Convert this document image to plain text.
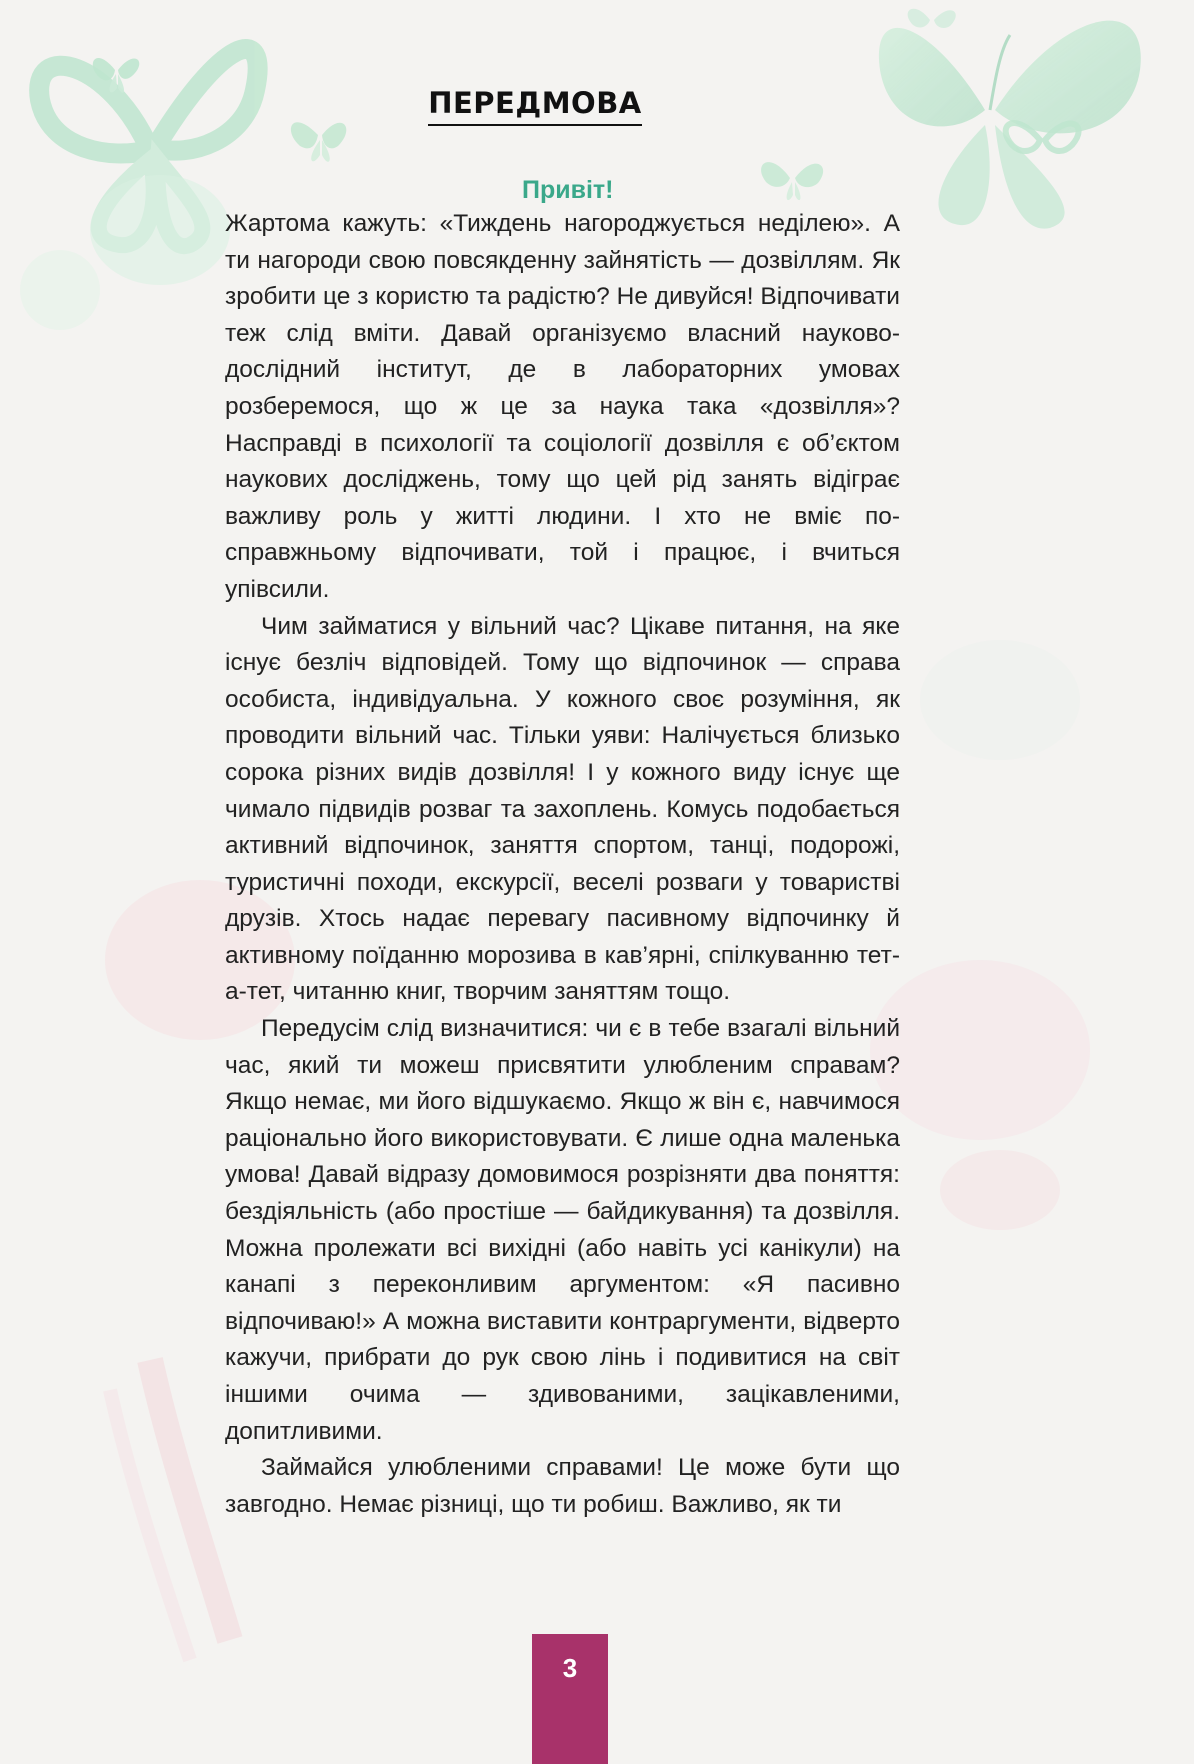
ПЕРЕДМОВА
Привіт!

Жартома кажуть: «Тиждень нагороджується неділею». А ти нагороди свою повсякденну зайнятість — дозвіллям. Як зробити це з користю та радістю? Не дивуйся! Відпочивати теж слід вміти. Давай організуємо власний науково-дослідний інститут, де в лабораторних умовах розберемося, що ж це за наука така «дозвілля»? Насправді в психології та соціології дозвілля є об’єктом наукових досліджень, тому що цей рід занять відіграє важливу роль у житті людини. І хто не вміє по-справжньому відпочивати, той і працює, і вчиться упівсили.

Чим займатися у вільний час? Цікаве питання, на яке існує безліч відповідей. Тому що відпочинок — справа особиста, індивідуальна. У кожного своє розуміння, як проводити вільний час. Тільки уяви: Налічується близько сорока різних видів дозвілля! І у кожного виду існує ще чимало підвидів розваг та захоплень. Комусь подобається активний відпочинок, заняття спортом, танці, подорожі, туристичні походи, екскурсії, веселі розваги у товаристві друзів. Хтось надає перевагу пасивному відпочинку й активному поїданню морозива в кав’ярні, спілкуванню тет-а-тет, читанню книг, творчим заняттям тощо.

Передусім слід визначитися: чи є в тебе взагалі вільний час, який ти можеш присвятити улюбленим справам? Якщо немає, ми його відшукаємо. Якщо ж він є, навчимося раціонально його використовувати. Є лише одна маленька умова! Давай відразу домовимося розрізняти два поняття: бездіяльність (або простіше — байдикування) та дозвілля. Можна пролежати всі вихідні (або навіть усі канікули) на канапі з переконливим аргументом: «Я пасивно відпочиваю!» А можна виставити контраргументи, відверто кажучи, прибрати до рук свою лінь і подивитися на світ іншими очима — здивованими, зацікавленими, допитливими.

Займайся улюбленими справами! Це може бути що завгодно. Немає різниці, що ти робиш. Важливо, як ти

3
